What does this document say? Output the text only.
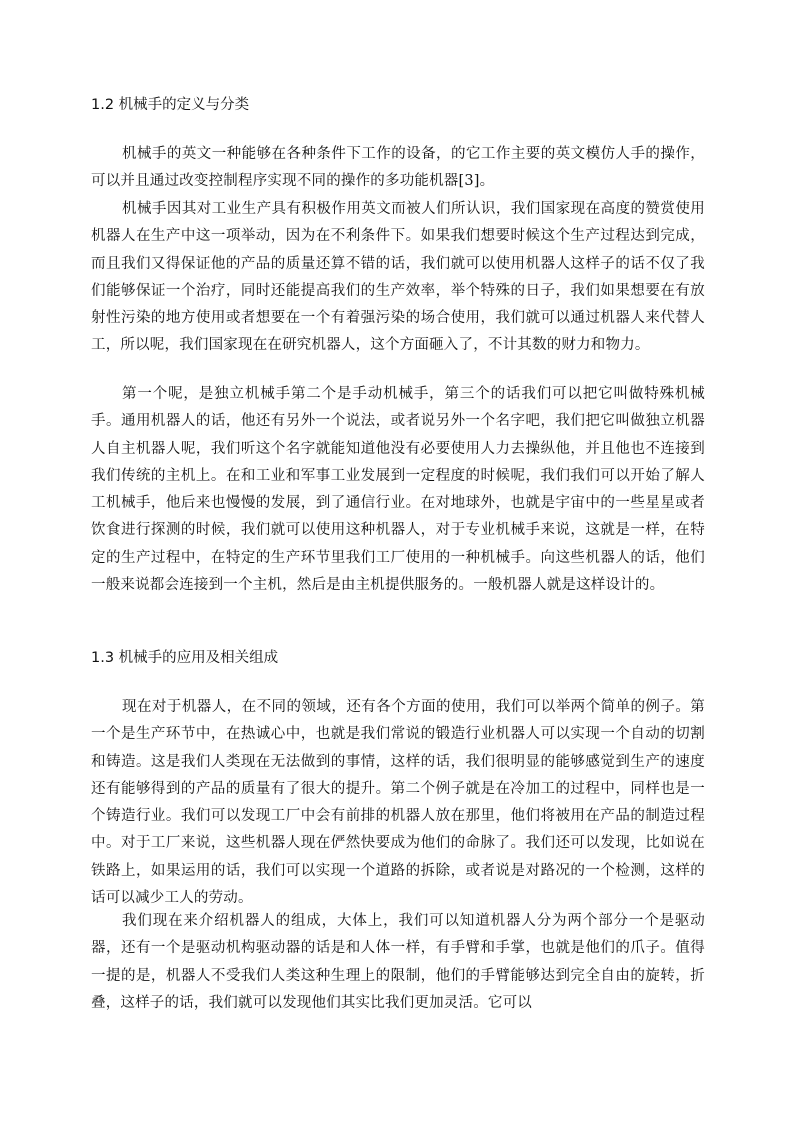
1.2 机械手的定义与分类

机械手的英文一种能够在各种条件下工作的设备，的它工作主要的英文模仿人手的操作，可以并且通过改变控制程序实现不同的操作的多功能机器[3]。

机械手因其对工业生产具有积极作用英文而被人们所认识，我们国家现在高度的赞赏使用机器人在生产中这一项举动，因为在不利条件下。如果我们想要时候这个生产过程达到完成，而且我们又得保证他的产品的质量还算不错的话，我们就可以使用机器人这样子的话不仅了我们能够保证一个治疗，同时还能提高我们的生产效率，举个特殊的日子，我们如果想要在有放射性污染的地方使用或者想要在一个有着强污染的场合使用，我们就可以通过机器人来代替人工，所以呢，我们国家现在在研究机器人，这个方面砸入了，不计其数的财力和物力。

第一个呢，是独立机械手第二个是手动机械手，第三个的话我们可以把它叫做特殊机械手。通用机器人的话，他还有另外一个说法，或者说另外一个名字吧，我们把它叫做独立机器人自主机器人呢，我们听这个名字就能知道他没有必要使用人力去操纵他，并且他也不连接到我们传统的主机上。在和工业和军事工业发展到一定程度的时候呢，我们我们可以开始了解人工机械手，他后来也慢慢的发展，到了通信行业。在对地球外，也就是宇宙中的一些星星或者饮食进行探测的时候，我们就可以使用这种机器人，对于专业机械手来说，这就是一样，在特定的生产过程中，在特定的生产环节里我们工厂使用的一种机械手。向这些机器人的话，他们一般来说都会连接到一个主机，然后是由主机提供服务的。一般机器人就是这样设计的。

1.3 机械手的应用及相关组成

现在对于机器人，在不同的领域，还有各个方面的使用，我们可以举两个简单的例子。第一个是生产环节中，在热诚心中，也就是我们常说的锻造行业机器人可以实现一个自动的切割和铸造。这是我们人类现在无法做到的事情，这样的话，我们很明显的能够感觉到生产的速度还有能够得到的产品的质量有了很大的提升。第二个例子就是在冷加工的过程中，同样也是一个铸造行业。我们可以发现工厂中会有前排的机器人放在那里，他们将被用在产品的制造过程中。对于工厂来说，这些机器人现在俨然快要成为他们的命脉了。我们还可以发现，比如说在铁路上，如果运用的话，我们可以实现一个道路的拆除，或者说是对路况的一个检测，这样的话可以减少工人的劳动。

我们现在来介绍机器人的组成，大体上，我们可以知道机器人分为两个部分一个是驱动器，还有一个是驱动机构驱动器的话是和人体一样，有手臂和手掌，也就是他们的爪子。值得一提的是，机器人不受我们人类这种生理上的限制，他们的手臂能够达到完全自由的旋转，折叠，这样子的话，我们就可以发现他们其实比我们更加灵活。它可以
